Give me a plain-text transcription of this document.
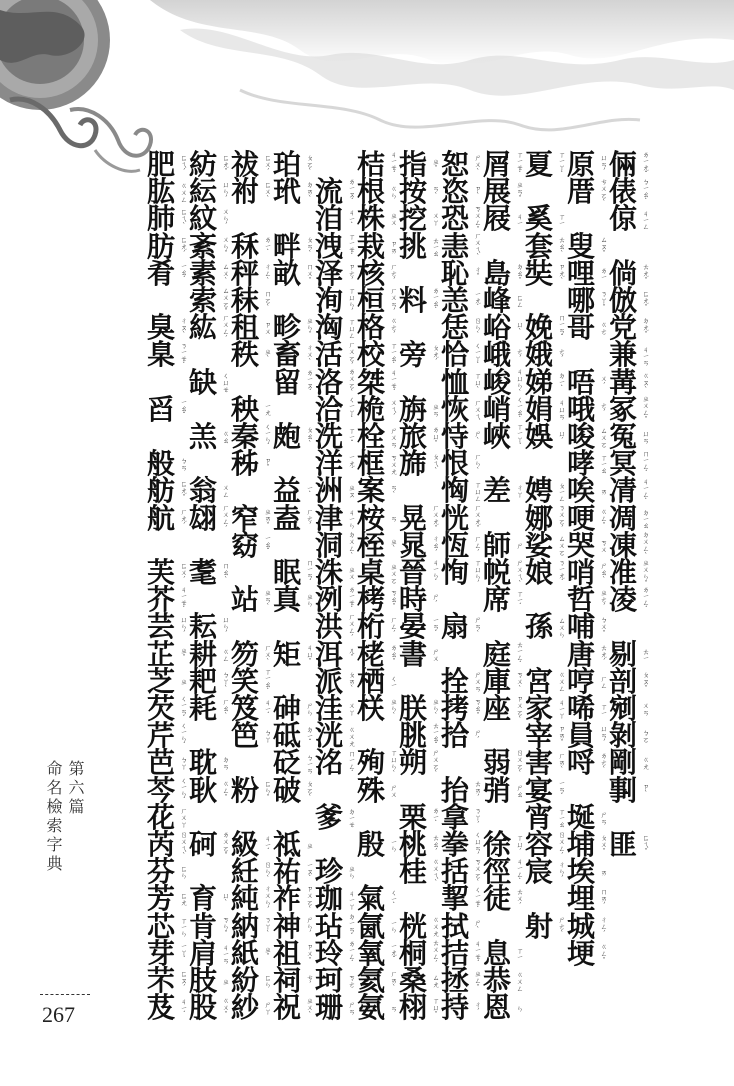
倆 ㄌㄧㄤˇ
俵 ㄅㄧㄠˋ
倞 ㄐㄧㄥ
倘 ㄊㄤˇ
倣 ㄈㄤˇ
党 ㄉㄤˇ
兼 ㄐㄧㄢ
冓 ㄍㄡˋ
冢 ㄓㄨㄥˇ
冤 ㄩㄢ
冥 ㄇㄧㄥˊ
凊 ㄐㄧㄥˋ
凋 ㄉㄧㄠ
凍 ㄉㄨㄥˋ
准 ㄓㄨㄣˇ
凌 ㄌㄧㄥˊ
剔 ㄊㄧ
剖 ㄆㄡˇ
剜 ㄨㄢ
剝 ㄅㄛ
剛 ㄍㄤ
剚 ㄗˋ
匪 ㄈㄟˇ
原 ㄩㄢˊ
厝 ㄘㄨㄛˋ
叟 ㄙㄡˇ
哩 ㄌㄧ
哪 ㄋㄚˇ
哥 ㄍㄜ
唔 ㄨˊ
哦 ㄜˊ
唆 ㄙㄨㄛ
哮 ㄒㄧㄠ
唉 ㄞ
哽 ㄍㄥˇ
哭 ㄎㄨ
哨 ㄕㄠˋ
哲 ㄓㄜˊ
哺 ㄅㄨˇ
唐 ㄊㄤˊ
哼 ㄏㄥ
唏 ㄒㄧ
員 ㄩㄢˊ
哷 ㄌㄜˋ
埏 ㄕㄢ
埔 ㄆㄨˇ
埃 ㄞ
埋 ㄇㄞˊ
城 ㄔㄥˊ
埂 ㄍㄥˇ
夏 ㄒㄧㄚˋ
奚 ㄒㄧ
套 ㄊㄠˋ
奘 ㄗㄤˋ
娩 ㄇㄧㄢˇ
娥 ㄜˊ
娣 ㄉㄧˋ
娟 ㄐㄩㄢ
娛 ㄩˊ
娉 ㄆㄧㄥ
娜 ㄋㄨㄛˊ
娑 ㄙㄨㄛ
娘 ㄋㄧㄤˊ
孫 ㄙㄨㄣ
宮 ㄍㄨㄥ
家 ㄐㄧㄚ
宰 ㄗㄞˇ
害 ㄏㄞˋ
宴 ㄧㄢˋ
宵 ㄒㄧㄠ
容 ㄖㄨㄥˊ
宸 ㄔㄣˊ
射 ㄕㄜˋ
屑 ㄒㄧㄝˋ
展 ㄓㄢˇ
屐 ㄐㄧ
島 ㄉㄠˇ
峰 ㄈㄥ
峪 ㄩˋ
峨 ㄜˊ
峻 ㄐㄩㄣˋ
峭 ㄑㄧㄠˋ
峽 ㄒㄧㄚˊ
差 ㄔㄚ
師 ㄕ
帨 ㄕㄨㄟˋ
席 ㄒㄧˊ
庭 ㄊㄧㄥˊ
庫 ㄎㄨˋ
座 ㄗㄨㄛˋ
弱 ㄖㄨㄛˋ
弰 ㄕㄠ
徐 ㄒㄩˊ
徑 ㄐㄧㄥˋ
徒 ㄊㄨˊ
息 ㄒㄧ
恭 ㄍㄨㄥ
恩 ㄣ
恕 ㄕㄨˋ
恣 ㄗˋ
恐 ㄎㄨㄥˇ
恚 ㄏㄨㄟˋ
恥 ㄔˇ
恙 ㄧㄤˋ
恁 ㄖㄣˋ
恰 ㄑㄧㄚˋ
恤 ㄒㄩˋ
恢 ㄏㄨㄟ
恃 ㄕˋ
恨 ㄏㄣˋ
恟 ㄒㄩㄥ
恍 ㄏㄨㄤˇ
恆 ㄏㄥˊ
恂 ㄒㄩㄣˊ
扇 ㄕㄢˋ
拴 ㄕㄨㄢ
拷 ㄎㄠˇ
拾 ㄕˊ
抬 ㄊㄞˊ
拿 ㄋㄚˊ
拳 ㄑㄩㄢˊ
括 ㄎㄨㄛˋ
挈 ㄑㄧㄝˋ
拭 ㄕˋ
拮 ㄐㄧㄝˊ
拯 ㄓㄥˇ
持 ㄔˊ
指 ㄓˇ
按 ㄢˋ
挖 ㄨㄚ
挑 ㄊㄧㄠ
料 ㄌㄧㄠˋ
旁 ㄆㄤˊ
旃 ㄓㄢ
旅 ㄌㄩˇ
旆 ㄆㄟˋ
晃 ㄏㄨㄤˇ
晁 ㄔㄠˊ
晉 ㄐㄧㄣˋ
時 ㄕˊ
晏 ㄧㄢˋ
書 ㄕㄨ
朕 ㄓㄣˋ
朓 ㄊㄧㄠˇ
朔 ㄕㄨㄛˋ
栗 ㄌㄧˋ
桃 ㄊㄠˊ
桂 ㄍㄨㄟˋ
桄 ㄍㄨㄤ
桐 ㄊㄨㄥˊ
桑 ㄙㄤ
栩 ㄒㄩˇ
桔 ㄐㄧㄝˊ
根 ㄍㄣ
株 ㄓㄨ
栽 ㄗㄞ
核 ㄏㄜˊ
桓 ㄏㄨㄢˊ
格 ㄍㄜˊ
校 ㄒㄧㄠˋ
桀 ㄐㄧㄝˊ
桅 ㄨㄟˊ
栓 ㄕㄨㄢ
框 ㄎㄨㄤ
案 ㄢˋ
桉 ㄢ
桎 ㄓˋ
桌 ㄓㄨㄛ
栲 ㄎㄠˇ
桁 ㄏㄥˊ
栳 ㄌㄠˇ
栖 ㄑㄧ
栚 ㄓㄣˋ
殉 ㄒㄩㄣˋ
殊 ㄕㄨ
殷 ㄧㄣ
氣 ㄑㄧˋ
氤 ㄧㄣ
氧 ㄧㄤˇ
氦 ㄏㄞˋ
氨 ㄢ
流 ㄌㄧㄡˊ
洎 ㄐㄧˋ
洩 ㄒㄧㄝˋ
泽 ㄗㄜˊ
洵 ㄒㄩㄣˊ
洶 ㄒㄩㄥ
活 ㄏㄨㄛˊ
洛 ㄌㄨㄛˋ
洽 ㄑㄧㄚˋ
洗 ㄒㄧˇ
洋 ㄧㄤˊ
洲 ㄓㄡ
津 ㄐㄧㄣ
洞 ㄉㄨㄥˋ
洙 ㄓㄨ
洌 ㄌㄧㄝˋ
洪 ㄏㄨㄥˊ
洱 ㄦˇ
派 ㄆㄞˋ
洼 ㄨㄚ
洸 ㄍㄨㄤ
洺 ㄇㄧㄥˊ
爹 ㄉㄧㄝ
珍 ㄓㄣ
珈 ㄐㄧㄚ
玷 ㄉㄧㄢˋ
玲 ㄌㄧㄥˊ
珂 ㄎㄜ
珊 ㄕㄢ
珀 ㄆㄛˋ
玳 ㄉㄞˋ
畔 ㄆㄢˋ
畝 ㄇㄨˇ
畛 ㄓㄣˇ
畜 ㄔㄨˋ
留 ㄌㄧㄡˊ
皰 ㄆㄠˋ
益 ㄧˋ
盍 ㄏㄜˊ
眠 ㄇㄧㄢˊ
真 ㄓㄣ
矩 ㄐㄩˇ
砷 ㄕㄣ
砥 ㄉㄧˇ
砭 ㄅㄧㄢ
破 ㄆㄛˋ
祗 ㄓ
祐 ㄧㄡˋ
祚 ㄗㄨㄛˋ
神 ㄕㄣˊ
祖 ㄗㄨˇ
祠 ㄘˊ
祝 ㄓㄨˋ
祓 ㄈㄨˊ
祔 ㄈㄨˋ
秝 ㄌㄧˋ
秤 ㄔㄥˋ
秣 ㄇㄛˋ
租 ㄗㄨ
秩 ㄓˋ
秧 ㄧㄤ
秦 ㄑㄧㄣˊ
秭 ㄗˇ
窄 ㄓㄞˇ
窈 ㄧㄠˇ
站 ㄓㄢˋ
笏 ㄏㄨˋ
笑 ㄒㄧㄠˋ
笈 ㄐㄧˊ
笆 ㄅㄚ
粉 ㄈㄣˇ
級 ㄐㄧˊ
紝 ㄖㄣˋ
純 ㄔㄨㄣˊ
納 ㄋㄚˋ
紙 ㄓˇ
紛 ㄈㄣ
紗 ㄕㄚ
紡 ㄈㄤˇ
紜 ㄩㄣˊ
紋 ㄨㄣˊ
紊 ㄨㄣˇ
素 ㄙㄨˋ
索 ㄙㄨㄛˇ
紘 ㄏㄨㄥˊ
缺 ㄑㄩㄝ
羔 ㄍㄠ
翁 ㄨㄥ
翃 ㄏㄨㄥˊ
耄 ㄇㄠˋ
耘 ㄩㄣˊ
耕 ㄍㄥ
耙 ㄅㄚˋ
耗 ㄏㄠˋ
耽 ㄉㄢ
耿 ㄍㄥˇ
砢 ㄌㄨㄛˇ
育 ㄩˋ
肯 ㄎㄣˇ
肩 ㄐㄧㄢ
肢 ㄓ
股 ㄍㄨˇ
肥 ㄈㄟˊ
肱 ㄍㄨㄥ
肺 ㄈㄟˋ
肪 ㄈㄤˊ
肴 ㄧㄠˊ
臭 ㄔㄡˋ
臬 ㄋㄧㄝˋ
舀 ㄧㄠˇ
般 ㄅㄢ
舫 ㄈㄤˇ
航 ㄏㄤˊ
芙 ㄈㄨˊ
芥 ㄐㄧㄝˋ
芸 ㄩㄣˊ
芷 ㄓˇ
芝 ㄓ
芡 ㄑㄧㄢˋ
芹 ㄑㄧㄣˊ
芭 ㄅㄚ
芩 ㄑㄧㄣˊ
花 ㄏㄨㄚ
芮 ㄖㄨㄟˋ
芬 ㄈㄣ
芳 ㄈㄤ
芯 ㄒㄧㄣ
芽 ㄧㄚˊ
芣 ㄈㄡˊ
芨 ㄐㄧˊ
第六篇
命名檢索字典
267
